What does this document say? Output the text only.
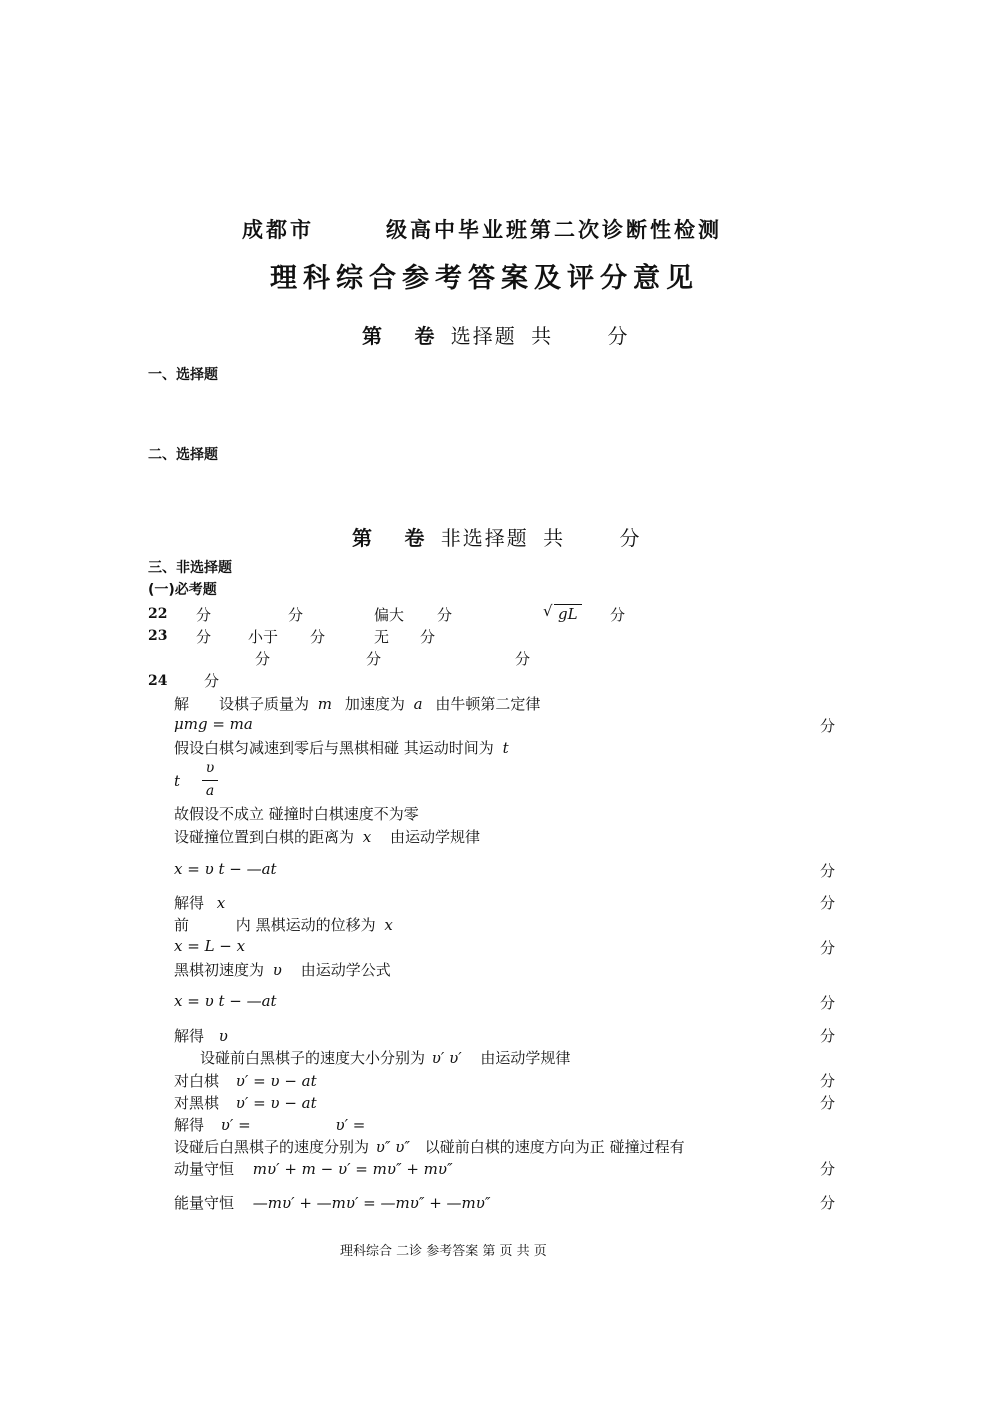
成都市	级高中毕业班第二次诊断性检测
理科综合参考答案及评分意见
第 卷 选择题 共	分
一、选择题
二、选择题
第 卷 非选择题 共	分
三、非选择题
(一)必考题
22 分	分	偏大 分	√ gL 分
23 分 小于 分	无 分
分	分	分
24 分
解　　设棋子质量为 m 加速度为 a 由牛顿第二定律
μmg = ma	分
假设白棋匀减速到零后与黑棋相碰 其运动时间为 t
t
υ
a
故假设不成立 碰撞时白棋速度不为零
设碰撞位置到白棋的距离为 x 由运动学规律
x = υ t − —at	分
解得 x	分
前	内 黑棋运动的位移为 x
x = L − x	分
黑棋初速度为 υ 由运动学公式
x = υ t − —at	分
解得 υ	分
设碰前白黑棋子的速度大小分别为 υ′ υ′ 由运动学规律
对白棋 υ′ = υ − at	分
对黑棋 υ′ = υ − at	分
解得 υ′ =	υ′ =
设碰后白黑棋子的速度分别为 υ″ υ″ 以碰前白棋的速度方向为正 碰撞过程有
动量守恒 mυ′ + m − υ′ = mυ″ + mυ″	分
能量守恒 —mυ′ + —mυ′ = —mυ″ + —mυ″	分
理科综合 二诊 参考答案 第 页 共 页
